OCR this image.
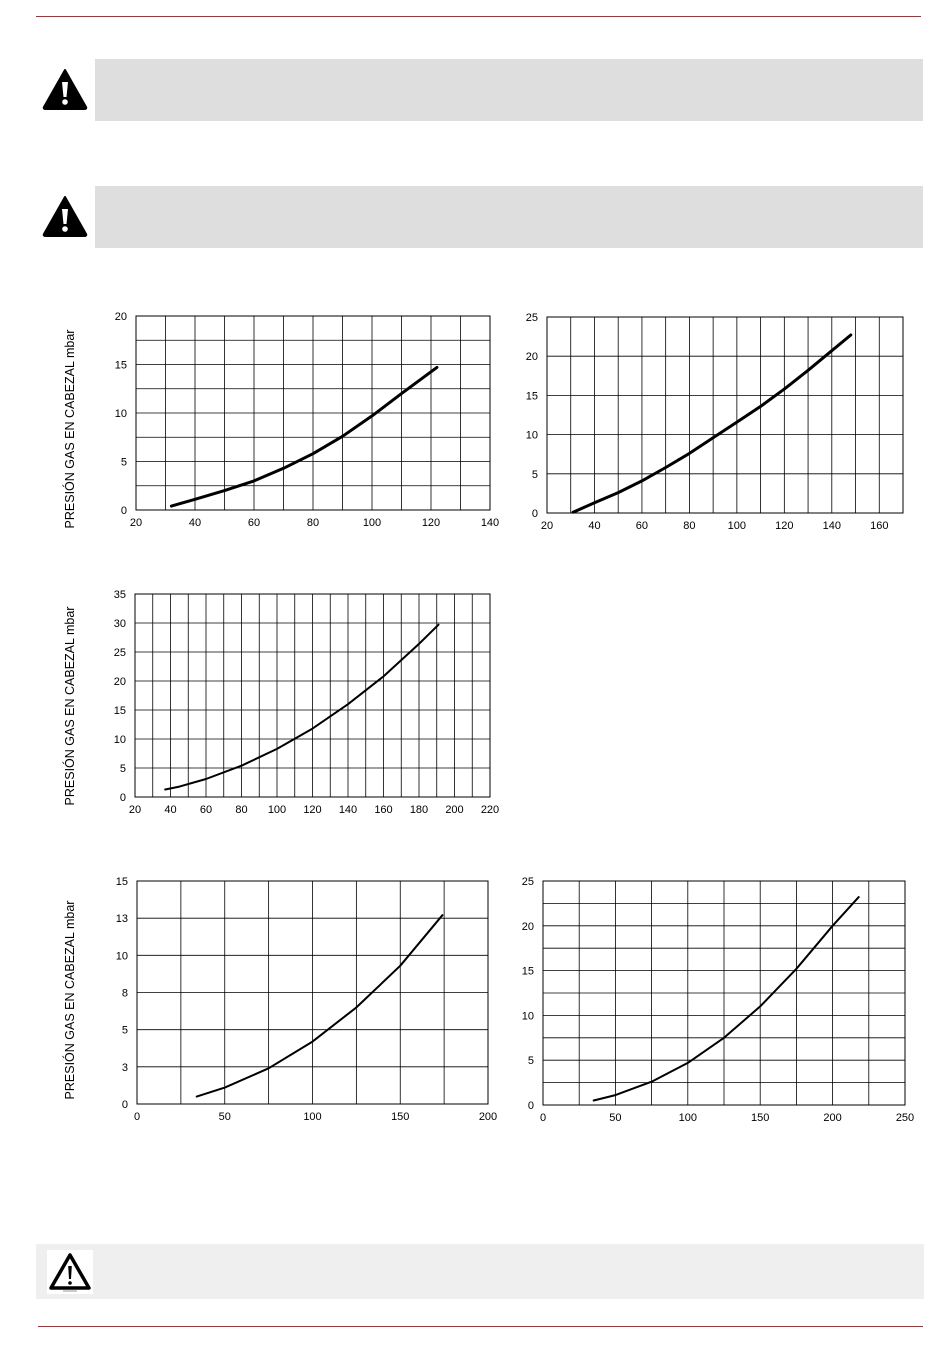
PRESIÓN GAS EN CABEZAL mbar
PRESIÓN GAS EN CABEZAL mbar
PRESIÓN GAS EN CABEZAL mbar
20	40	60	80	100	120	140
0
5
10
15
20
20	40	60	80	100	120	140	160
0
5
10
15
20
25
20 40 60 80 100 120 140 160 180 200 220
0
5
10
15
20
25
30
35
0	50	100	150	200
0
3
5
8
10
13
15
0	50	100	150	200	250
0
5
10
15
20
25
